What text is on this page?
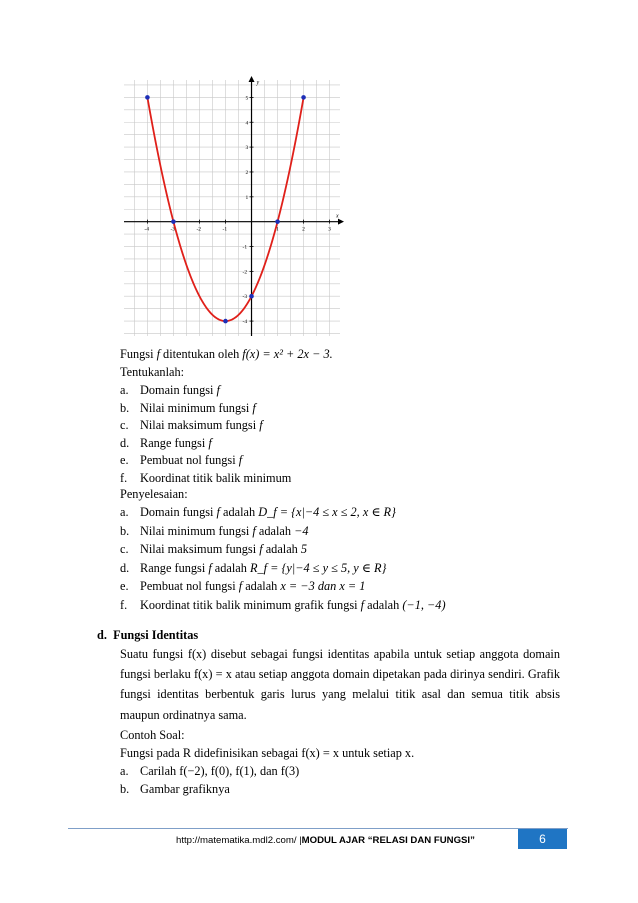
y
x
-4	-3	-2	-1	1	2	3
5
4
3
2
1
-1
-2
-3
-4
Fungsi f ditentukan oleh f(x) = x² + 2x − 3.
Tentukanlah:
a. Domain fungsi f
b. Nilai minimum fungsi f
c. Nilai maksimum fungsi f
d. Range fungsi f
e. Pembuat nol fungsi f
f. Koordinat titik balik minimum
Penyelesaian:
a. Domain fungsi f adalah D_f = {x|−4 ≤ x ≤ 2, x ∈ R}
b. Nilai minimum fungsi f adalah −4
c. Nilai maksimum fungsi f adalah 5
d. Range fungsi f adalah R_f = {y|−4 ≤ y ≤ 5, y ∈ R}
e. Pembuat nol fungsi f adalah x = −3 dan x = 1
f. Koordinat titik balik minimum grafik fungsi f adalah (−1, −4)
d. Fungsi Identitas
Suatu fungsi f(x) disebut sebagai fungsi identitas apabila untuk setiap anggota domain fungsi berlaku f(x) = x atau setiap anggota domain dipetakan pada dirinya sendiri. Grafik fungsi identitas berbentuk garis lurus yang melalui titik asal dan semua titik absis maupun ordinatnya sama.
Contoh Soal:
Fungsi pada R didefinisikan sebagai f(x) = x untuk setiap x.
a. Carilah f(−2), f(0), f(1), dan f(3)
b. Gambar grafiknya
http://matematika.mdl2.com/ |MODUL AJAR “RELASI DAN FUNGSI”	6
